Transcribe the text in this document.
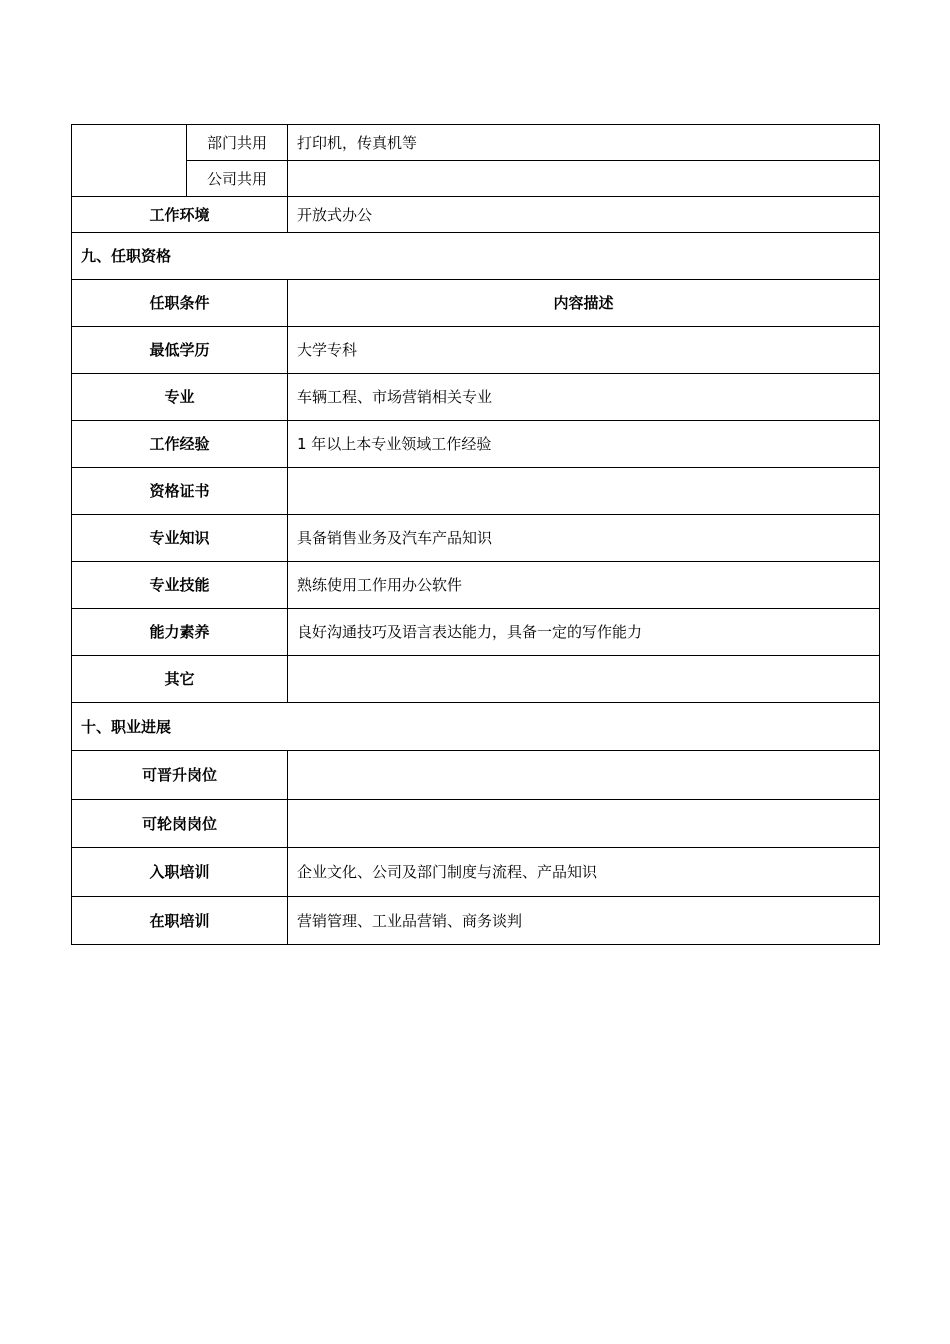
	部门共用	打印机，传真机等
	公司共用	
工作环境		开放式办公
九、任职资格		
任职条件		内容描述
最低学历		大学专科
专业		车辆工程、市场营销相关专业
工作经验		1 年以上本专业领域工作经验
资格证书		
专业知识		具备销售业务及汽车产品知识
专业技能		熟练使用工作用办公软件
能力素养		良好沟通技巧及语言表达能力，具备一定的写作能力
其它		
十、职业进展		
可晋升岗位		
可轮岗岗位		
入职培训		企业文化、公司及部门制度与流程、产品知识
在职培训		营销管理、工业品营销、商务谈判
